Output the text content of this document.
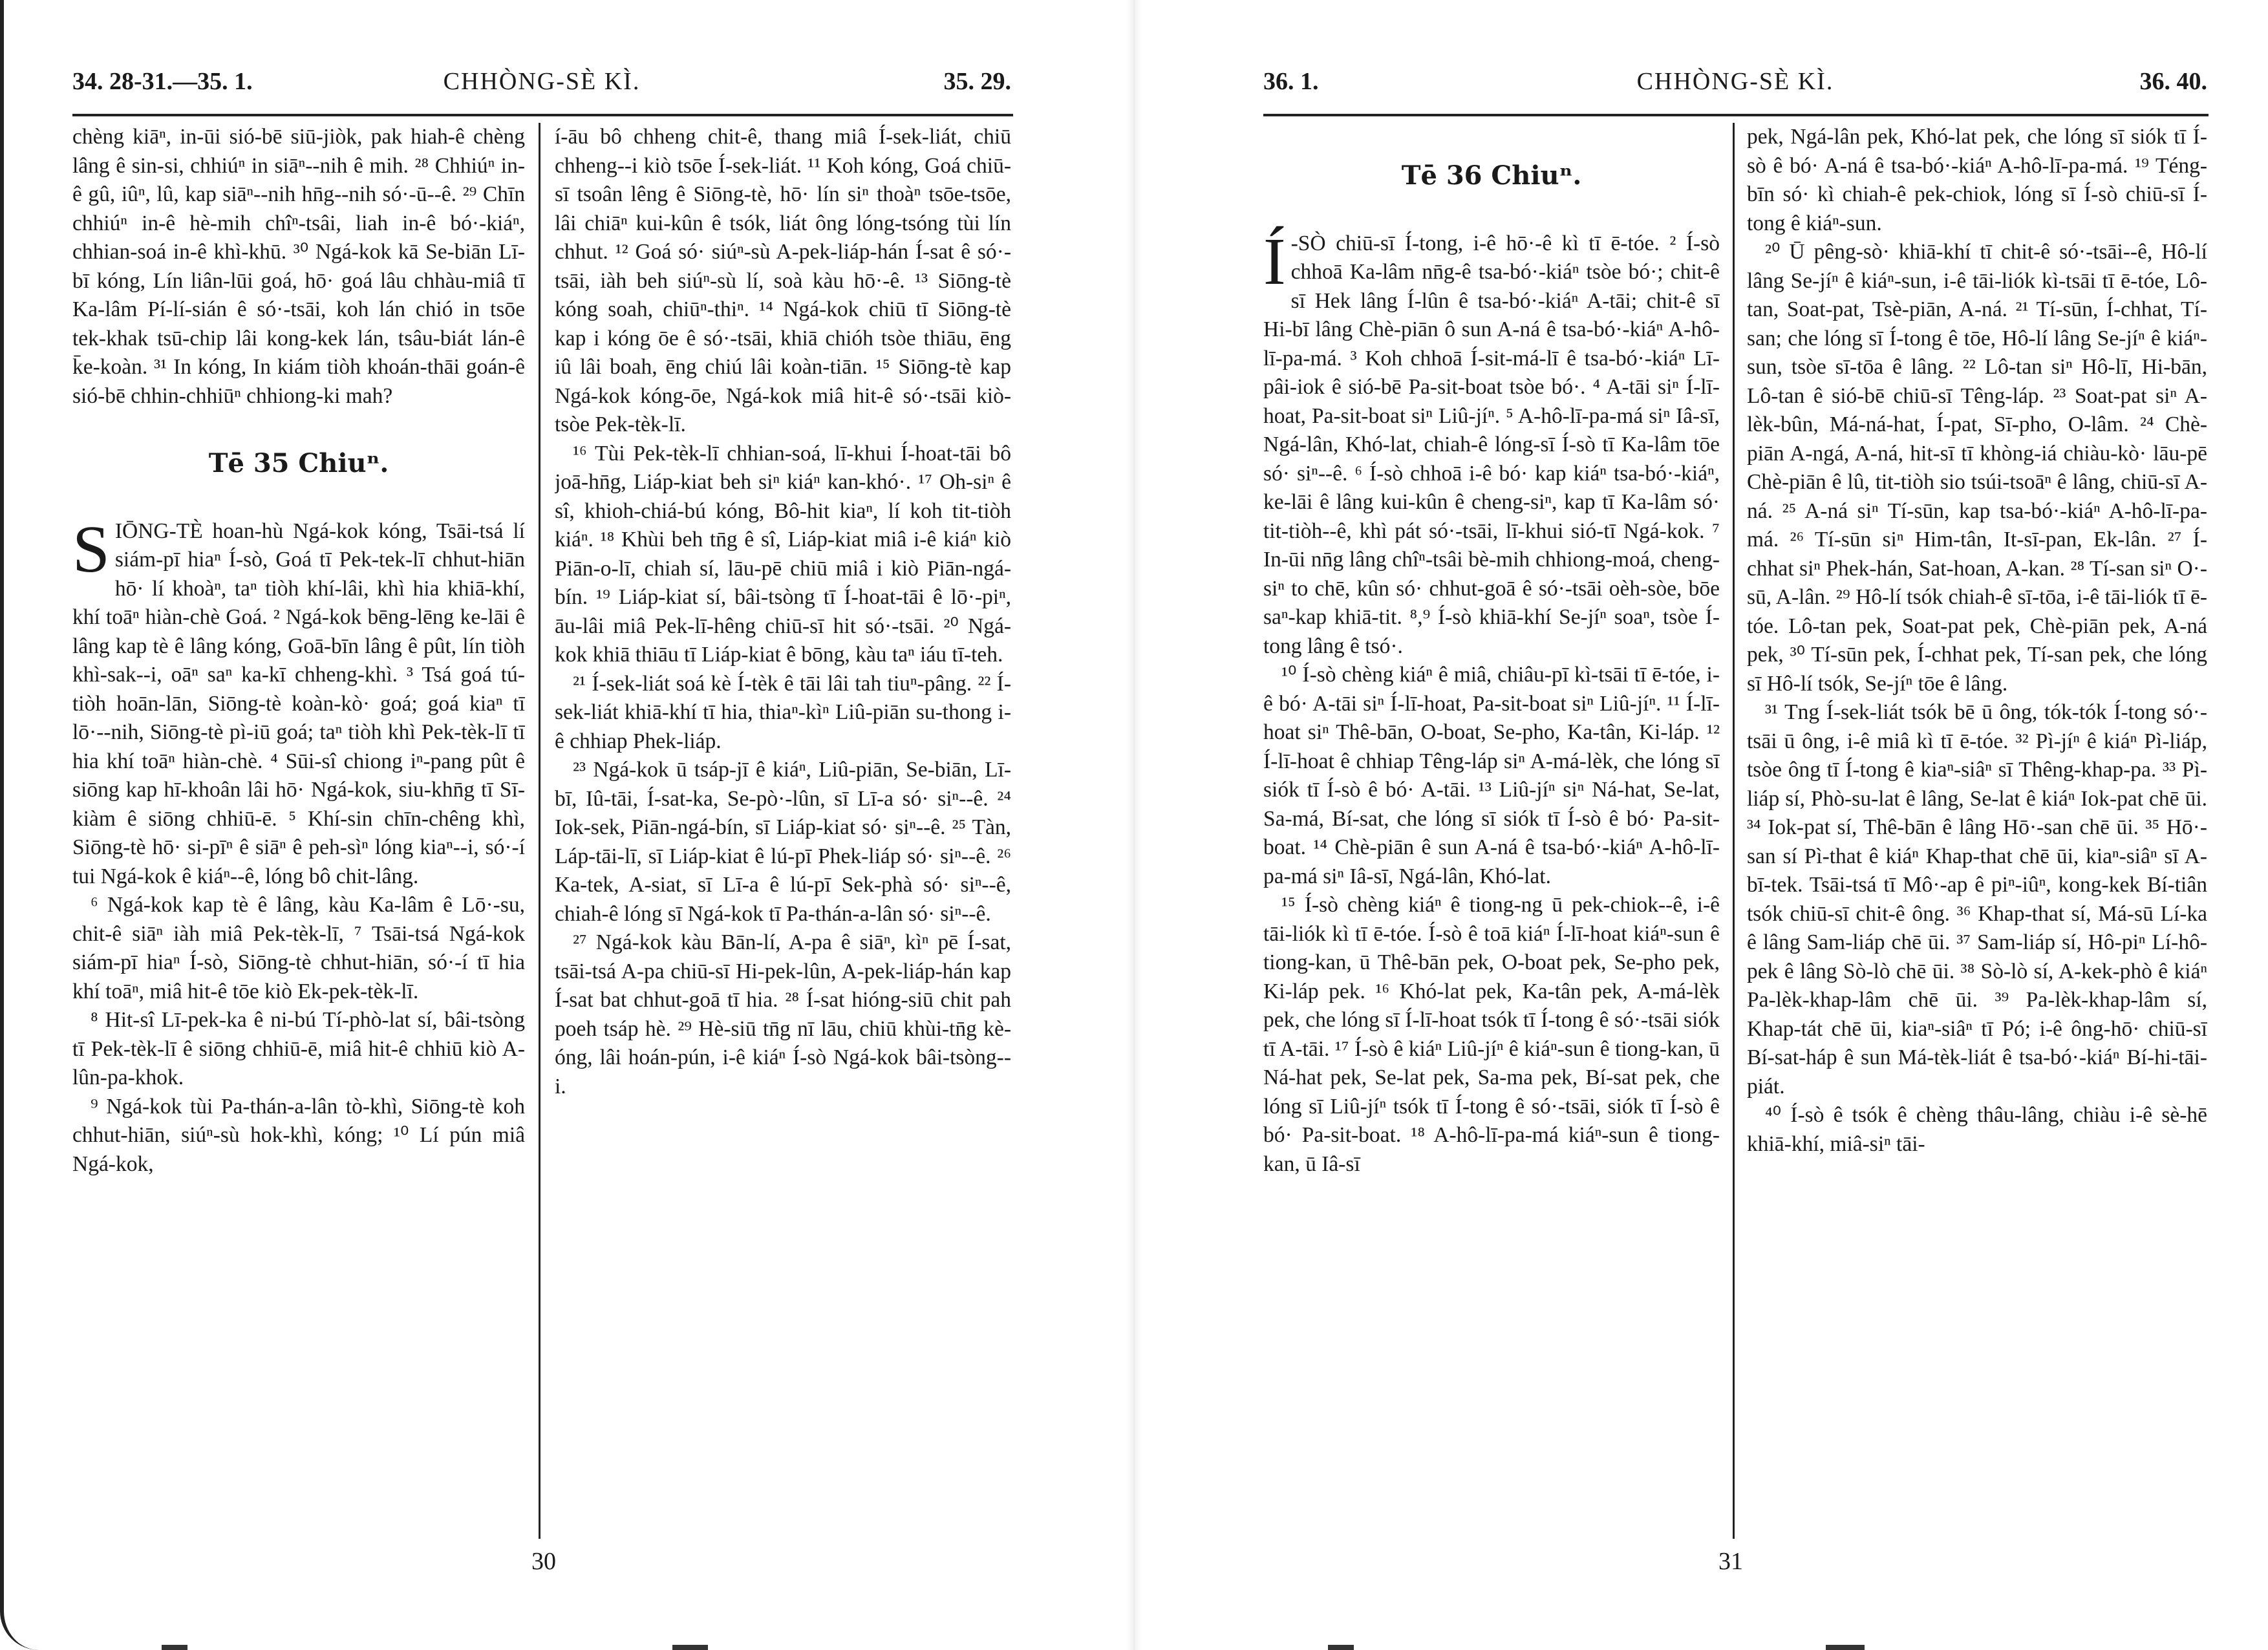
34. 28-31.—35. 1.	CHHÒNG-SÈ KÌ.	35. 29.

chèng kiāⁿ, in-ūi sió-bē siū-jiòk, pak hiah-ê chèng lâng ê sin-si, chhiúⁿ in siāⁿ--nih ê mih. ²⁸ Chhiúⁿ in-ê gû, iûⁿ, lû, kap siāⁿ--nih hn̄g--nih só·-ū--ê. ²⁹ Chīn chhiúⁿ in-ê hè-mih chîⁿ-tsâi, liah in-ê bó·-kiáⁿ, chhian-soá in-ê khì-khū. ³⁰ Ngá-kok kā Se-biān Lī-bī kóng, Lín liân-lūi goá, hō· goá lâu chhàu-miâ tī Ka-lâm Pí-lí-sián ê só·-tsāi, koh lán chió in tsōe tek-khak tsū-chip lâi kong-kek lán, tsâu-biát lán-ê k̄e-koàn. ³¹ In kóng, In kiám tiòh khoán-thāi goán-ê sió-bē chhin-chhiūⁿ chhiong-ki mah?

Tē 35 Chiuⁿ.

SIŌNG-TÈ hoan-hù Ngá-kok kóng, Tsāi-tsá lí siám-pī hiaⁿ Í-sò, Goá tī Pek-tek-lī chhut-hiān hō· lí khoàⁿ, taⁿ tiòh khí-lâi, khì hia khiā-khí, khí toāⁿ hiàn-chè Goá. ² Ngá-kok bēng-lēng ke-lāi ê lâng kap tè ê lâng kóng, Goā-bīn lâng ê pût, lín tiòh khì-sak--i, oāⁿ saⁿ ka-kī chheng-khì. ³ Tsá goá tú-tiòh hoān-lān, Siōng-tè koàn-kò· goá; goá kiaⁿ tī lō·--nih, Siōng-tè pì-iū goá; taⁿ tiòh khì Pek-tèk-lī tī hia khí toāⁿ hiàn-chè. ⁴ Sūi-sî chiong iⁿ-pang pût ê siōng kap hī-khoân lâi hō· Ngá-kok, siu-khn̄g tī Sī-kiàm ê siōng chhiū-ē. ⁵ Khí-sin chīn-chêng khì, Siōng-tè hō· si-pīⁿ ê siāⁿ ê peh-sìⁿ lóng kiaⁿ--i, só·-í tui Ngá-kok ê kiáⁿ--ê, lóng bô chit-lâng.

⁶ Ngá-kok kap tè ê lâng, kàu Ka-lâm ê Lō·-su, chit-ê siāⁿ iàh miâ Pek-tèk-lī, ⁷ Tsāi-tsá Ngá-kok siám-pī hiaⁿ Í-sò, Siōng-tè chhut-hiān, só·-í tī hia khí toāⁿ, miâ hit-ê tōe kiò Ek-pek-tèk-lī.

⁸ Hit-sî Lī-pek-ka ê ni-bú Tí-phò-lat sí, bâi-tsòng tī Pek-tèk-lī ê siōng chhiū-ē, miâ hit-ê chhiū kiò A-lûn-pa-khok.

⁹ Ngá-kok tùi Pa-thán-a-lân tò-khì, Siōng-tè koh chhut-hiān, siúⁿ-sù hok-khì, kóng; ¹⁰ Lí pún miâ Ngá-kok,

í-āu bô chheng chit-ê, thang miâ Í-sek-liát, chiū chheng--i kiò tsōe Í-sek-liát. ¹¹ Koh kóng, Goá chiū-sī tsoân lêng ê Siōng-tè, hō· lín siⁿ thoàⁿ tsōe-tsōe, lâi chiāⁿ kui-kûn ê tsók, liát ông lóng-tsóng tùi lín chhut. ¹² Goá só· siúⁿ-sù A-pek-liáp-hán Í-sat ê só·-tsāi, iàh beh siúⁿ-sù lí, soà kàu hō·-ê. ¹³ Siōng-tè kóng soah, chiūⁿ-thiⁿ. ¹⁴ Ngá-kok chiū tī Siōng-tè kap i kóng ōe ê só·-tsāi, khiā chióh tsòe thiāu, ēng iû lâi boah, ēng chiú lâi koàn-tiān. ¹⁵ Siōng-tè kap Ngá-kok kóng-ōe, Ngá-kok miâ hit-ê só·-tsāi kiò-tsòe Pek-tèk-lī.

¹⁶ Tùi Pek-tèk-lī chhian-soá, lī-khui Í-hoat-tāi bô joā-hn̄g, Liáp-kiat beh siⁿ kiáⁿ kan-khó·. ¹⁷ Oh-siⁿ ê sî, khioh-chiá-bú kóng, Bô-hit kiaⁿ, lí koh tit-tiòh kiáⁿ. ¹⁸ Khùi beh tn̄g ê sî, Liáp-kiat miâ i-ê kiáⁿ kiò Piān-o-lī, chiah sí, lāu-pē chiū miâ i kiò Piān-ngá-bín. ¹⁹ Liáp-kiat sí, bâi-tsòng tī Í-hoat-tāi ê lō·-piⁿ, āu-lâi miâ Pek-lī-hêng chiū-sī hit só·-tsāi. ²⁰ Ngá-kok khiā thiāu tī Liáp-kiat ê bōng, kàu taⁿ iáu tī-teh.

²¹ Í-sek-liát soá kè Í-tèk ê tāi lâi tah tiuⁿ-pâng. ²² Í-sek-liát khiā-khí tī hia, thiaⁿ-kìⁿ Liû-piān su-thong i-ê chhiap Phek-liáp.

²³ Ngá-kok ū tsáp-jī ê kiáⁿ, Liû-piān, Se-biān, Lī-bī, Iû-tāi, Í-sat-ka, Se-pò·-lûn, sī Lī-a só· siⁿ--ê. ²⁴ Iok-sek, Piān-ngá-bín, sī Liáp-kiat só· siⁿ--ê. ²⁵ Tàn, Láp-tāi-lī, sī Liáp-kiat ê lú-pī Phek-liáp só· siⁿ--ê. ²⁶ Ka-tek, A-siat, sī Lī-a ê lú-pī Sek-phà só· siⁿ--ê, chiah-ê lóng sī Ngá-kok tī Pa-thán-a-lân só· siⁿ--ê.

²⁷ Ngá-kok kàu Bān-lí, A-pa ê siāⁿ, kìⁿ pē Í-sat, tsāi-tsá A-pa chiū-sī Hi-pek-lûn, A-pek-liáp-hán kap Í-sat bat chhut-goā tī hia. ²⁸ Í-sat hióng-siū chit pah poeh tsáp hè. ²⁹ Hè-siū tn̄g nī lāu, chiū khùi-tn̄g kè-óng, lâi hoán-pún, i-ê kiáⁿ Í-sò Ngá-kok bâi-tsòng--i.

30
36. 1.	CHHÒNG-SÈ KÌ.	36. 40.
Tē 36 Chiuⁿ.

Í -SÒ chiū-sī Í-tong, i-ê hō·-ê kì tī ē-tóe. ² Í-sò chhoā Ka-lâm nn̄g-ê tsa-bó·-kiáⁿ tsòe bó·; chit-ê sī Hek lâng Í-lûn ê tsa-bó·-kiáⁿ A-tāi; chit-ê sī Hi-bī lâng Chè-piān ô sun A-ná ê tsa-bó·-kiáⁿ A-hô-lī-pa-má. ³ Koh chhoā Í-sit-má-lī ê tsa-bó·-kiáⁿ Lī-pâi-iok ê sió-bē Pa-sit-boat tsòe bó·. ⁴ A-tāi siⁿ Í-lī-hoat, Pa-sit-boat siⁿ Liû-jíⁿ. ⁵ A-hô-lī-pa-má siⁿ Iâ-sī, Ngá-lân, Khó-lat, chiah-ê lóng-sī Í-sò tī Ka-lâm tōe só· siⁿ--ê. ⁶ Í-sò chhoā i-ê bó· kap kiáⁿ tsa-bó·-kiáⁿ, ke-lāi ê lâng kui-kûn ê cheng-siⁿ, kap tī Ka-lâm só· tit-tiòh--ê, khì pát só·-tsāi, lī-khui sió-tī Ngá-kok. ⁷ In-ūi nn̄g lâng chîⁿ-tsâi bè-mih chhiong-moá, cheng-siⁿ to chē, kûn só· chhut-goā ê só·-tsāi oèh-sòe, bōe saⁿ-kap khiā-tit. ⁸,⁹ Í-sò khiā-khí Se-jíⁿ soaⁿ, tsòe Í-tong lâng ê tsó·.

¹⁰ Í-sò chèng kiáⁿ ê miâ, chiâu-pī kì-tsāi tī ē-tóe, i-ê bó· A-tāi siⁿ Í-lī-hoat, Pa-sit-boat siⁿ Liû-jíⁿ. ¹¹ Í-lī-hoat siⁿ Thê-bān, O-boat, Se-pho, Ka-tân, Ki-láp. ¹² Í-lī-hoat ê chhiap Têng-láp siⁿ A-má-lèk, che lóng sī siók tī Í-sò ê bó· A-tāi. ¹³ Liû-jíⁿ siⁿ Ná-hat, Se-lat, Sa-má, Bí-sat, che lóng sī siók tī Í-sò ê bó· Pa-sit-boat. ¹⁴ Chè-piān ê sun A-ná ê tsa-bó·-kiáⁿ A-hô-lī-pa-má siⁿ Iâ-sī, Ngá-lân, Khó-lat.

¹⁵ Í-sò chèng kiáⁿ ê tiong-ng ū pek-chiok--ê, i-ê tāi-liók kì tī ē-tóe. Í-sò ê toā kiáⁿ Í-lī-hoat kiáⁿ-sun ê tiong-kan, ū Thê-bān pek, O-boat pek, Se-pho pek, Ki-láp pek. ¹⁶ Khó-lat pek, Ka-tân pek, A-má-lèk pek, che lóng sī Í-lī-hoat tsók tī Í-tong ê só·-tsāi siók tī A-tāi. ¹⁷ Í-sò ê kiáⁿ Liû-jíⁿ ê kiáⁿ-sun ê tiong-kan, ū Ná-hat pek, Se-lat pek, Sa-ma pek, Bí-sat pek, che lóng sī Liû-jíⁿ tsók tī Í-tong ê só·-tsāi, siók tī Í-sò ê bó· Pa-sit-boat. ¹⁸ A-hô-lī-pa-má kiáⁿ-sun ê tiong-kan, ū Iâ-sī

pek, Ngá-lân pek, Khó-lat pek, che lóng sī siók tī Í-sò ê bó· A-ná ê tsa-bó·-kiáⁿ A-hô-lī-pa-má. ¹⁹ Téng-bīn só· kì chiah-ê pek-chiok, lóng sī Í-sò chiū-sī Í-tong ê kiáⁿ-sun.

²⁰ Ū pêng-sò· khiā-khí tī chit-ê só·-tsāi--ê, Hô-lí lâng Se-jíⁿ ê kiáⁿ-sun, i-ê tāi-liók kì-tsāi tī ē-tóe, Lô-tan, Soat-pat, Tsè-piān, A-ná. ²¹ Tí-sūn, Í-chhat, Tí-san; che lóng sī Í-tong ê tōe, Hô-lí lâng Se-jíⁿ ê kiáⁿ-sun, tsòe sī-tōa ê lâng. ²² Lô-tan siⁿ Hô-lī, Hi-bān, Lô-tan ê sió-bē chiū-sī Têng-láp. ²³ Soat-pat siⁿ A-lèk-bûn, Má-ná-hat, Í-pat, Sī-pho, O-lâm. ²⁴ Chè-piān A-ngá, A-ná, hit-sī tī khòng-iá chiàu-kò· lāu-pē Chè-piān ê lû, tit-tiòh sio tsúi-tsoāⁿ ê lâng, chiū-sī A-ná. ²⁵ A-ná siⁿ Tí-sūn, kap tsa-bó·-kiáⁿ A-hô-lī-pa-má. ²⁶ Tí-sūn siⁿ Him-tân, It-sī-pan, Ek-lân. ²⁷ Í-chhat siⁿ Phek-hán, Sat-hoan, A-kan. ²⁸ Tí-san siⁿ O·-sū, A-lân. ²⁹ Hô-lí tsók chiah-ê sī-tōa, i-ê tāi-liók tī ē-tóe. Lô-tan pek, Soat-pat pek, Chè-piān pek, A-ná pek, ³⁰ Tí-sūn pek, Í-chhat pek, Tí-san pek, che lóng sī Hô-lí tsók, Se-jíⁿ tōe ê lâng.

³¹ Tng Í-sek-liát tsók bē ū ông, tók-tók Í-tong só·-tsāi ū ông, i-ê miâ kì tī ē-tóe. ³² Pì-jíⁿ ê kiáⁿ Pì-liáp, tsòe ông tī Í-tong ê kiaⁿ-siâⁿ sī Thêng-khap-pa. ³³ Pì-liáp sí, Phò-su-lat ê lâng, Se-lat ê kiáⁿ Iok-pat chē ūi. ³⁴ Iok-pat sí, Thê-bān ê lâng Hō·-san chē ūi. ³⁵ Hō·-san sí Pì-that ê kiáⁿ Khap-that chē ūi, kiaⁿ-siâⁿ sī A-bī-tek. Tsāi-tsá tī Mô·-ap ê piⁿ-iûⁿ, kong-kek Bí-tiân tsók chiū-sī chit-ê ông. ³⁶ Khap-that sí, Má-sū Lí-ka ê lâng Sam-liáp chē ūi. ³⁷ Sam-liáp sí, Hô-piⁿ Lí-hô-pek ê lâng Sò-lò chē ūi. ³⁸ Sò-lò sí, A-kek-phò ê kiáⁿ Pa-lèk-khap-lâm chē ūi. ³⁹ Pa-lèk-khap-lâm sí, Khap-tát chē ūi, kiaⁿ-siâⁿ tī Pó; i-ê ông-hō· chiū-sī Bí-sat-háp ê sun Má-tèk-liát ê tsa-bó·-kiáⁿ Bí-hi-tāi-piát.

⁴⁰ Í-sò ê tsók ê chèng thâu-lâng, chiàu i-ê sè-hē khiā-khí, miâ-siⁿ tāi-

31
